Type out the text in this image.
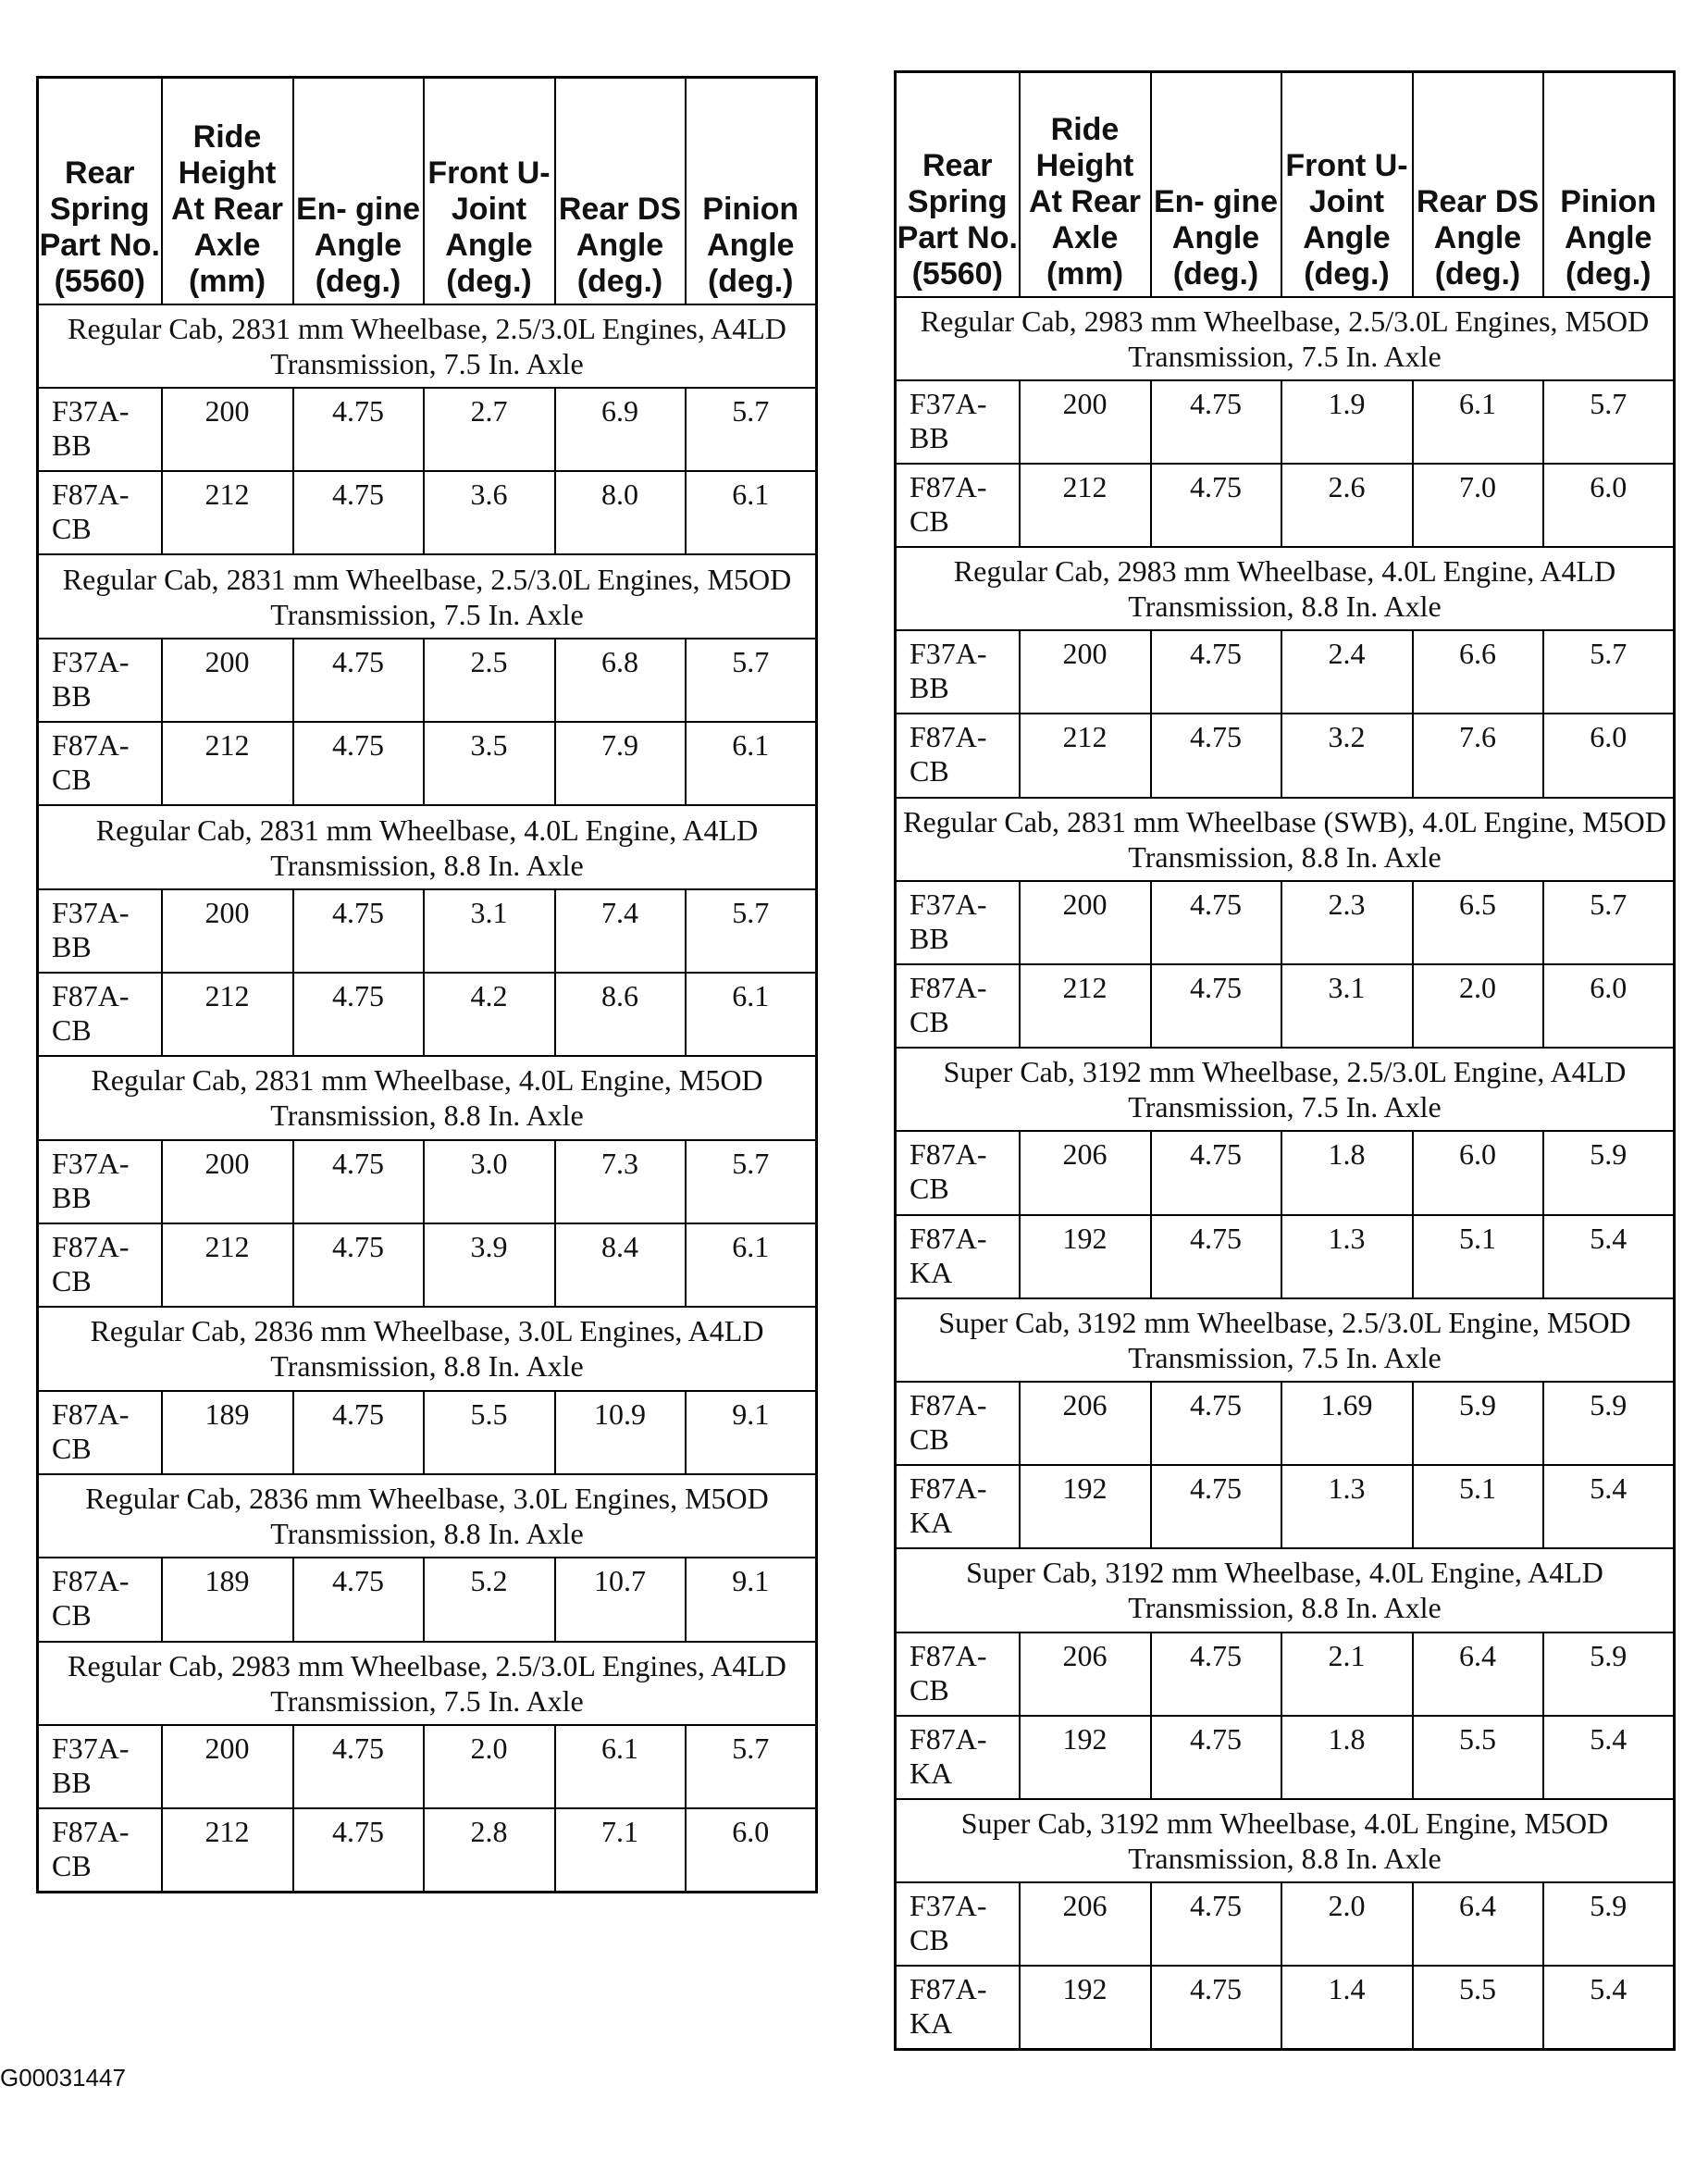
Rear Spring Part No. (5560)	Ride Height At Rear Axle (mm)	En- gine Angle (deg.)	Front U-Joint Angle (deg.)	Rear DS Angle (deg.)	Pinion Angle (deg.)
Regular Cab, 2831 mm Wheelbase, 2.5/3.0L Engines, A4LD Transmission, 7.5 In. Axle					
F37A- BB	200	4.75	2.7	6.9	5.7
F87A- CB	212	4.75	3.6	8.0	6.1
Regular Cab, 2831 mm Wheelbase, 2.5/3.0L Engines, M5OD Transmission, 7.5 In. Axle					
F37A- BB	200	4.75	2.5	6.8	5.7
F87A- CB	212	4.75	3.5	7.9	6.1
Regular Cab, 2831 mm Wheelbase, 4.0L Engine, A4LD Transmission, 8.8 In. Axle					
F37A- BB	200	4.75	3.1	7.4	5.7
F87A- CB	212	4.75	4.2	8.6	6.1
Regular Cab, 2831 mm Wheelbase, 4.0L Engine, M5OD Transmission, 8.8 In. Axle					
F37A- BB	200	4.75	3.0	7.3	5.7
F87A- CB	212	4.75	3.9	8.4	6.1
Regular Cab, 2836 mm Wheelbase, 3.0L Engines, A4LD Transmission, 8.8 In. Axle					
F87A- CB	189	4.75	5.5	10.9	9.1
Regular Cab, 2836 mm Wheelbase, 3.0L Engines, M5OD Transmission, 8.8 In. Axle					
F87A- CB	189	4.75	5.2	10.7	9.1
Regular Cab, 2983 mm Wheelbase, 2.5/3.0L Engines, A4LD Transmission, 7.5 In. Axle					
F37A- BB	200	4.75	2.0	6.1	5.7
F87A- CB	212	4.75	2.8	7.1	6.0
Rear Spring Part No. (5560)	Ride Height At Rear Axle (mm)	En- gine Angle (deg.)	Front U-Joint Angle (deg.)	Rear DS Angle (deg.)	Pinion Angle (deg.)
Regular Cab, 2983 mm Wheelbase, 2.5/3.0L Engines, M5OD Transmission, 7.5 In. Axle					
F37A- BB	200	4.75	1.9	6.1	5.7
F87A- CB	212	4.75	2.6	7.0	6.0
Regular Cab, 2983 mm Wheelbase, 4.0L Engine, A4LD Transmission, 8.8 In. Axle					
F37A- BB	200	4.75	2.4	6.6	5.7
F87A- CB	212	4.75	3.2	7.6	6.0
Regular Cab, 2831 mm Wheelbase (SWB), 4.0L Engine, M5OD Transmission, 8.8 In. Axle					
F37A- BB	200	4.75	2.3	6.5	5.7
F87A- CB	212	4.75	3.1	2.0	6.0
Super Cab, 3192 mm Wheelbase, 2.5/3.0L Engine, A4LD Transmission, 7.5 In. Axle					
F87A- CB	206	4.75	1.8	6.0	5.9
F87A- KA	192	4.75	1.3	5.1	5.4
Super Cab, 3192 mm Wheelbase, 2.5/3.0L Engine, M5OD Transmission, 7.5 In. Axle					
F87A- CB	206	4.75	1.69	5.9	5.9
F87A- KA	192	4.75	1.3	5.1	5.4
Super Cab, 3192 mm Wheelbase, 4.0L Engine, A4LD Transmission, 8.8 In. Axle					
F87A- CB	206	4.75	2.1	6.4	5.9
F87A- KA	192	4.75	1.8	5.5	5.4
Super Cab, 3192 mm Wheelbase, 4.0L Engine, M5OD Transmission, 8.8 In. Axle					
F37A- CB	206	4.75	2.0	6.4	5.9
F87A- KA	192	4.75	1.4	5.5	5.4
G00031447
